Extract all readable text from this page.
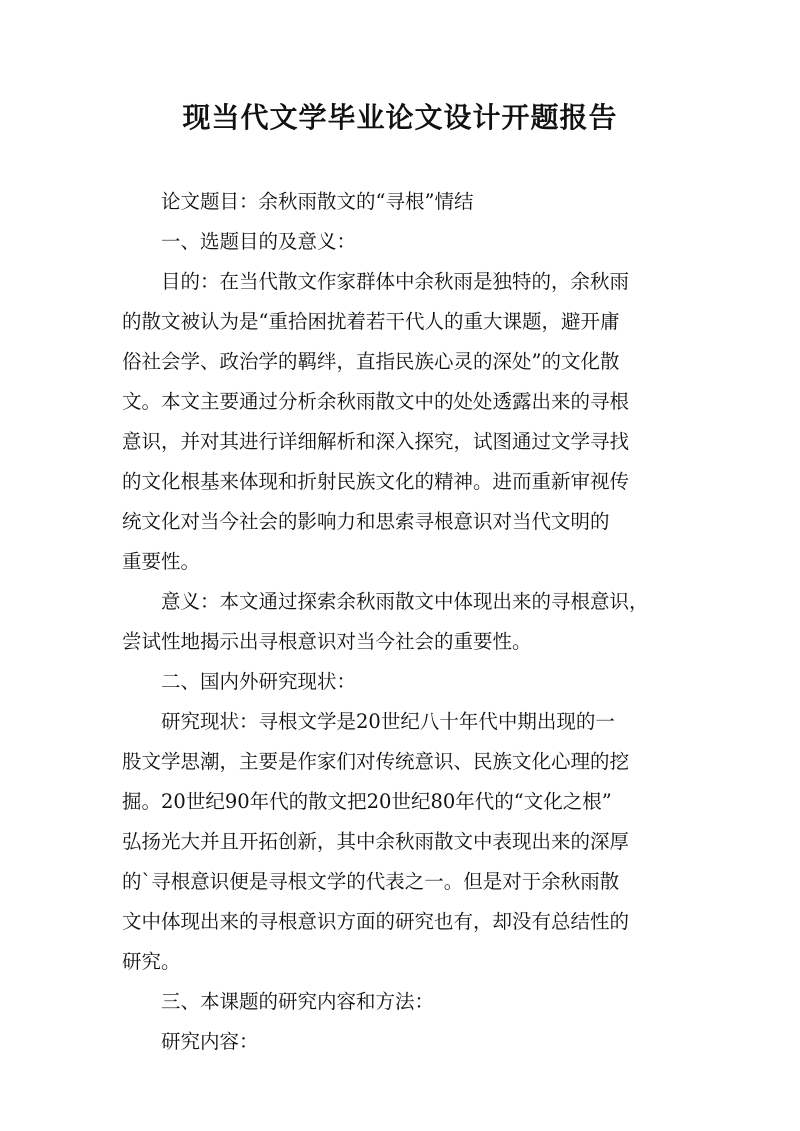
现当代文学毕业论文设计开题报告
论文题目：余秋雨散文的“寻根”情结
一、选题目的及意义：
目的：在当代散文作家群体中余秋雨是独特的，余秋雨
的散文被认为是“重拾困扰着若干代人的重大课题，避开庸
俗社会学、政治学的羁绊，直指民族心灵的深处”的文化散
文。本文主要通过分析余秋雨散文中的处处透露出来的寻根
意识，并对其进行详细解析和深入探究，试图通过文学寻找
的文化根基来体现和折射民族文化的精神。进而重新审视传
统文化对当今社会的影响力和思索寻根意识对当代文明的
重要性。
意义：本文通过探索余秋雨散文中体现出来的寻根意识，
尝试性地揭示出寻根意识对当今社会的重要性。
二、国内外研究现状：
研究现状：寻根文学是20世纪八十年代中期出现的一
股文学思潮，主要是作家们对传统意识、民族文化心理的挖
掘。20世纪90年代的散文把20世纪80年代的“文化之根”
弘扬光大并且开拓创新，其中余秋雨散文中表现出来的深厚
的`寻根意识便是寻根文学的代表之一。但是对于余秋雨散
文中体现出来的寻根意识方面的研究也有，却没有总结性的
研究。
三、本课题的研究内容和方法：
研究内容：
